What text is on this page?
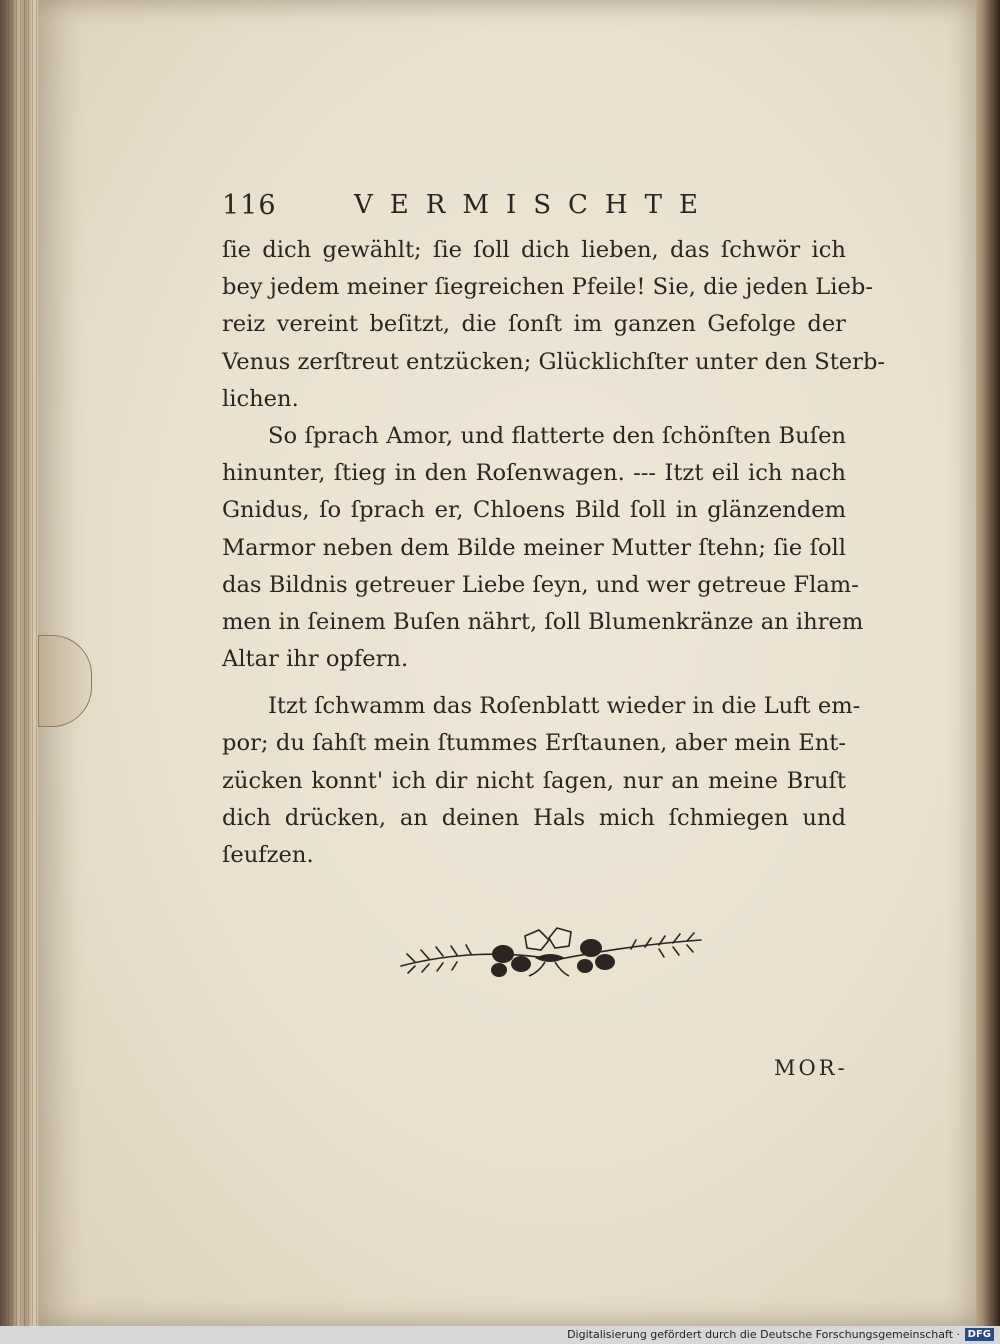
116	VERMISCHTE
ſie dich gewählt; ſie ſoll dich lieben, das ſchwör ich
bey jedem meiner ſiegreichen Pfeile! Sie, die jeden Lieb-
reiz vereint beſitzt, die ſonſt im ganzen Gefolge der
Venus zerſtreut entzücken; Glücklichſter unter den Sterb-
lichen.
So ſprach Amor, und flatterte den ſchönſten Buſen
hinunter, ſtieg in den Roſenwagen. --- Itzt eil ich nach
Gnidus, ſo ſprach er, Chloens Bild ſoll in glänzendem
Marmor neben dem Bilde meiner Mutter ſtehn; ſie ſoll
das Bildnis getreuer Liebe ſeyn, und wer getreue Flam-
men in ſeinem Buſen nährt, ſoll Blumenkränze an ihrem
Altar ihr opfern.
Itzt ſchwamm das Roſenblatt wieder in die Luft em-
por; du ſahſt mein ſtummes Erſtaunen, aber mein Ent-
zücken konnt' ich dir nicht ſagen, nur an meine Bruſt
dich drücken, an deinen Hals mich ſchmiegen und
ſeufzen.
MOR-
Digitalisierung gefördert durch die Deutsche Forschungsgemeinschaft · DFG
